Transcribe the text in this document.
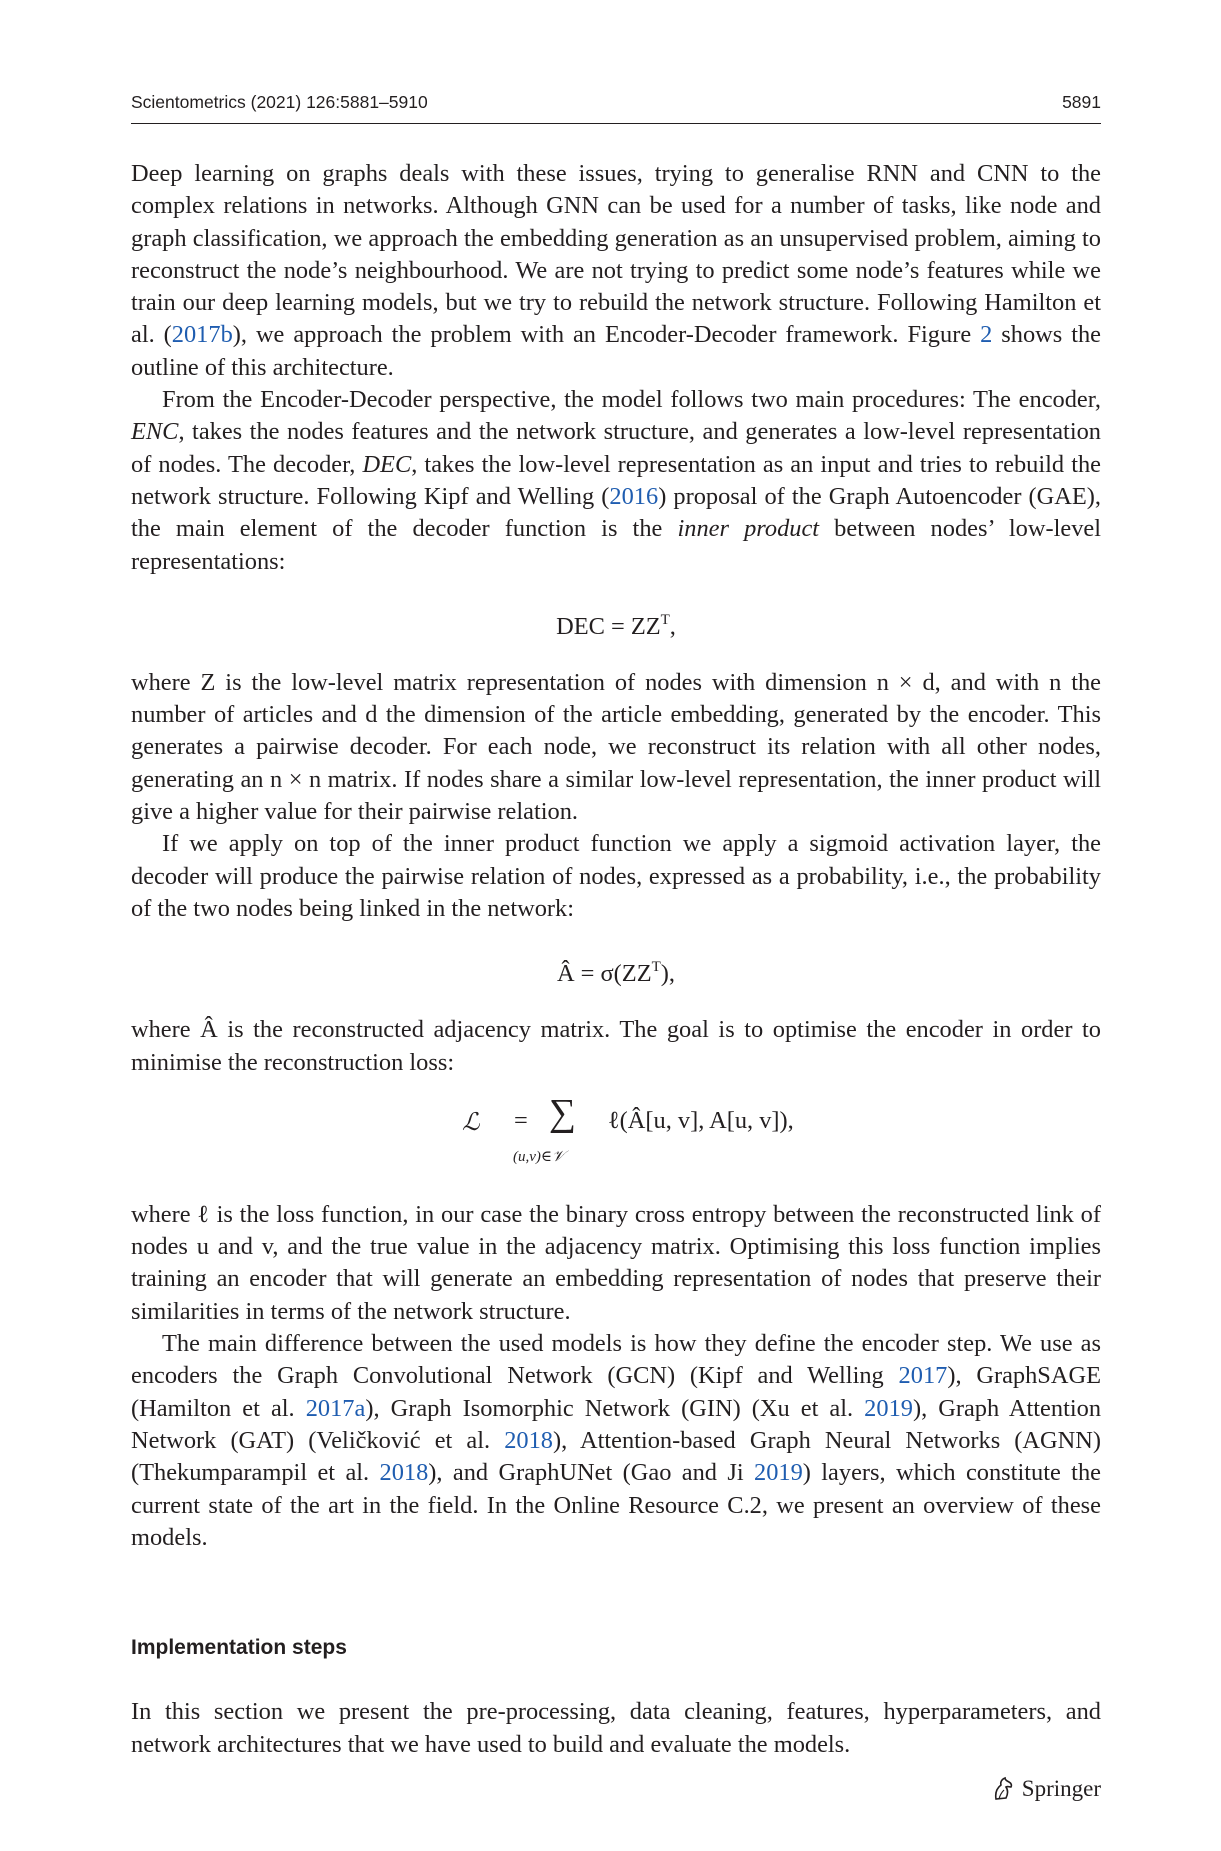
Scientometrics (2021) 126:5881–5910	5891

Deep learning on graphs deals with these issues, trying to generalise RNN and CNN to the complex relations in networks. Although GNN can be used for a number of tasks, like node and graph classification, we approach the embedding generation as an unsupervised problem, aiming to reconstruct the node’s neighbourhood. We are not trying to predict some node’s features while we train our deep learning models, but we try to rebuild the network structure. Following Hamilton et al. (2017b), we approach the problem with an Encoder-Decoder framework. Figure 2 shows the outline of this architecture.

From the Encoder-Decoder perspective, the model follows two main procedures: The encoder, ENC, takes the nodes features and the network structure, and generates a low-level representation of nodes. The decoder, DEC, takes the low-level representation as an input and tries to rebuild the network structure. Following Kipf and Welling (2016) proposal of the Graph Autoencoder (GAE), the main element of the decoder function is the inner product between nodes’ low-level representations:

DEC = $ZZ^T$,

where Z is the low-level matrix representation of nodes with dimension n × d, and with n the number of articles and d the dimension of the article embedding, generated by the encoder. This generates a pairwise decoder. For each node, we reconstruct its relation with all other nodes, generating an n × n matrix. If nodes share a similar low-level representation, the inner product will give a higher value for their pairwise relation.

If we apply on top of the inner product function we apply a sigmoid activation layer, the decoder will produce the pairwise relation of nodes, expressed as a probability, i.e., the probability of the two nodes being linked in the network:

Â = $\sigma(ZZ^T)$,

where Â is the reconstructed adjacency matrix. The goal is to optimise the encoder in order to minimise the reconstruction loss:

ℒ = ∑
(u,v)∈𝒱
ℓ(Â[u, v], A[u, v]),

where ℓ is the loss function, in our case the binary cross entropy between the reconstructed link of nodes u and v, and the true value in the adjacency matrix. Optimising this loss function implies training an encoder that will generate an embedding representation of nodes that preserve their similarities in terms of the network structure.

The main difference between the used models is how they define the encoder step. We use as encoders the Graph Convolutional Network (GCN) (Kipf and Welling 2017), GraphSAGE (Hamilton et al. 2017a), Graph Isomorphic Network (GIN) (Xu et al. 2019), Graph Attention Network (GAT) (Veličković et al. 2018), Attention-based Graph Neural Networks (AGNN) (Thekumparampil et al. 2018), and GraphUNet (Gao and Ji 2019) layers, which constitute the current state of the art in the field. In the Online Resource C.2, we present an overview of these models.

Implementation steps

In this section we present the pre-processing, data cleaning, features, hyperparameters, and network architectures that we have used to build and evaluate the models.

Springer
